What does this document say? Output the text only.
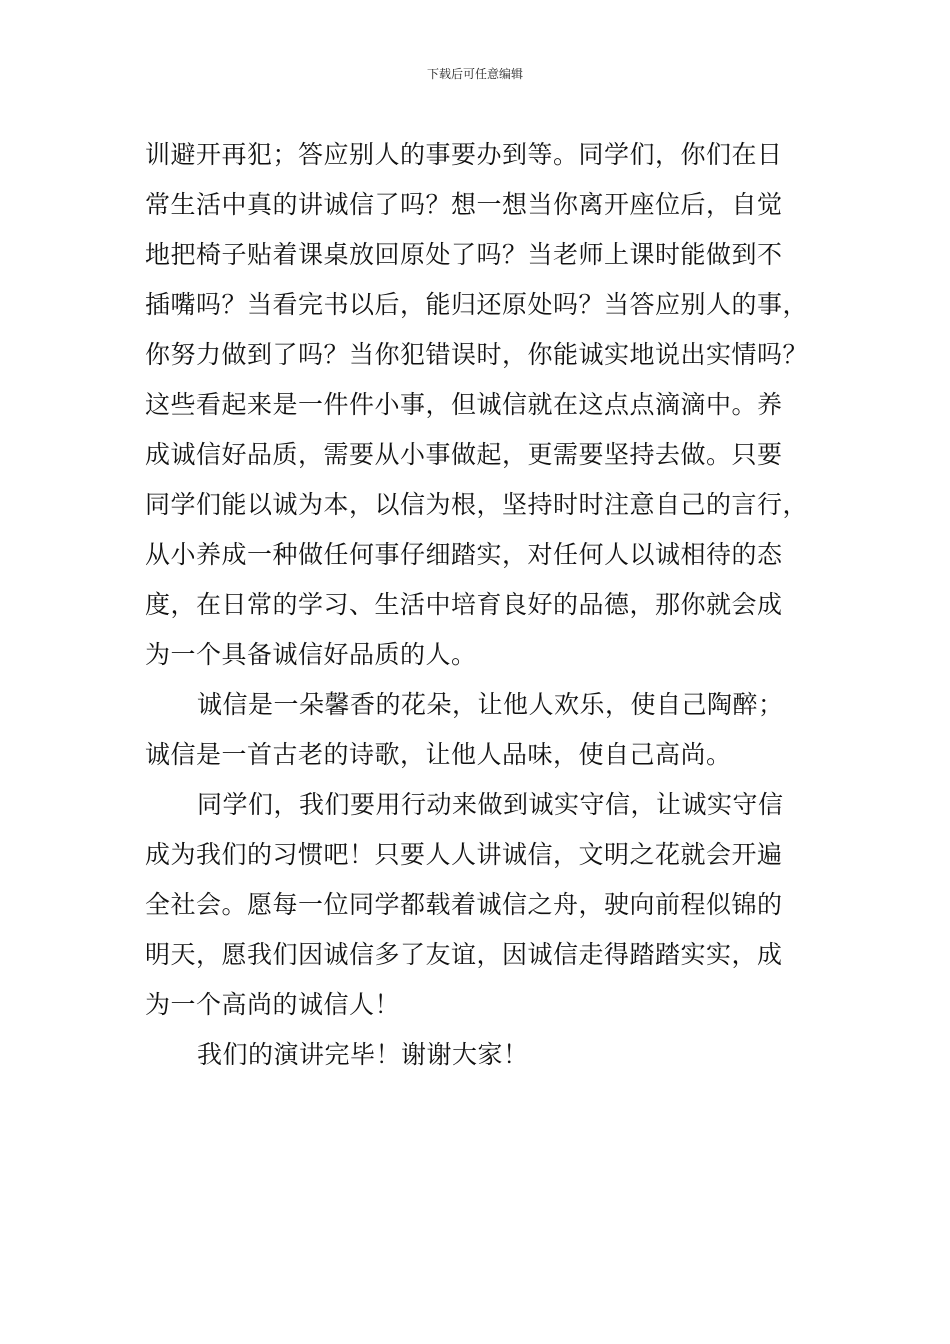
下载后可任意编辑

训避开再犯；答应别人的事要办到等。同学们，你们在日
常生活中真的讲诚信了吗？想一想当你离开座位后，自觉
地把椅子贴着课桌放回原处了吗？当老师上课时能做到不
插嘴吗？当看完书以后，能归还原处吗？当答应别人的事，
你努力做到了吗？当你犯错误时，你能诚实地说出实情吗？
这些看起来是一件件小事，但诚信就在这点点滴滴中。养
成诚信好品质，需要从小事做起，更需要坚持去做。只要
同学们能以诚为本，以信为根，坚持时时注意自己的言行，
从小养成一种做任何事仔细踏实，对任何人以诚相待的态
度，在日常的学习、生活中培育良好的品德，那你就会成
为一个具备诚信好品质的人。

诚信是一朵馨香的花朵，让他人欢乐，使自己陶醉；
诚信是一首古老的诗歌，让他人品味，使自己高尚。

同学们，我们要用行动来做到诚实守信，让诚实守信
成为我们的习惯吧！只要人人讲诚信，文明之花就会开遍
全社会。愿每一位同学都载着诚信之舟，驶向前程似锦的
明天，愿我们因诚信多了友谊，因诚信走得踏踏实实，成
为一个高尚的诚信人！

我们的演讲完毕！谢谢大家！
